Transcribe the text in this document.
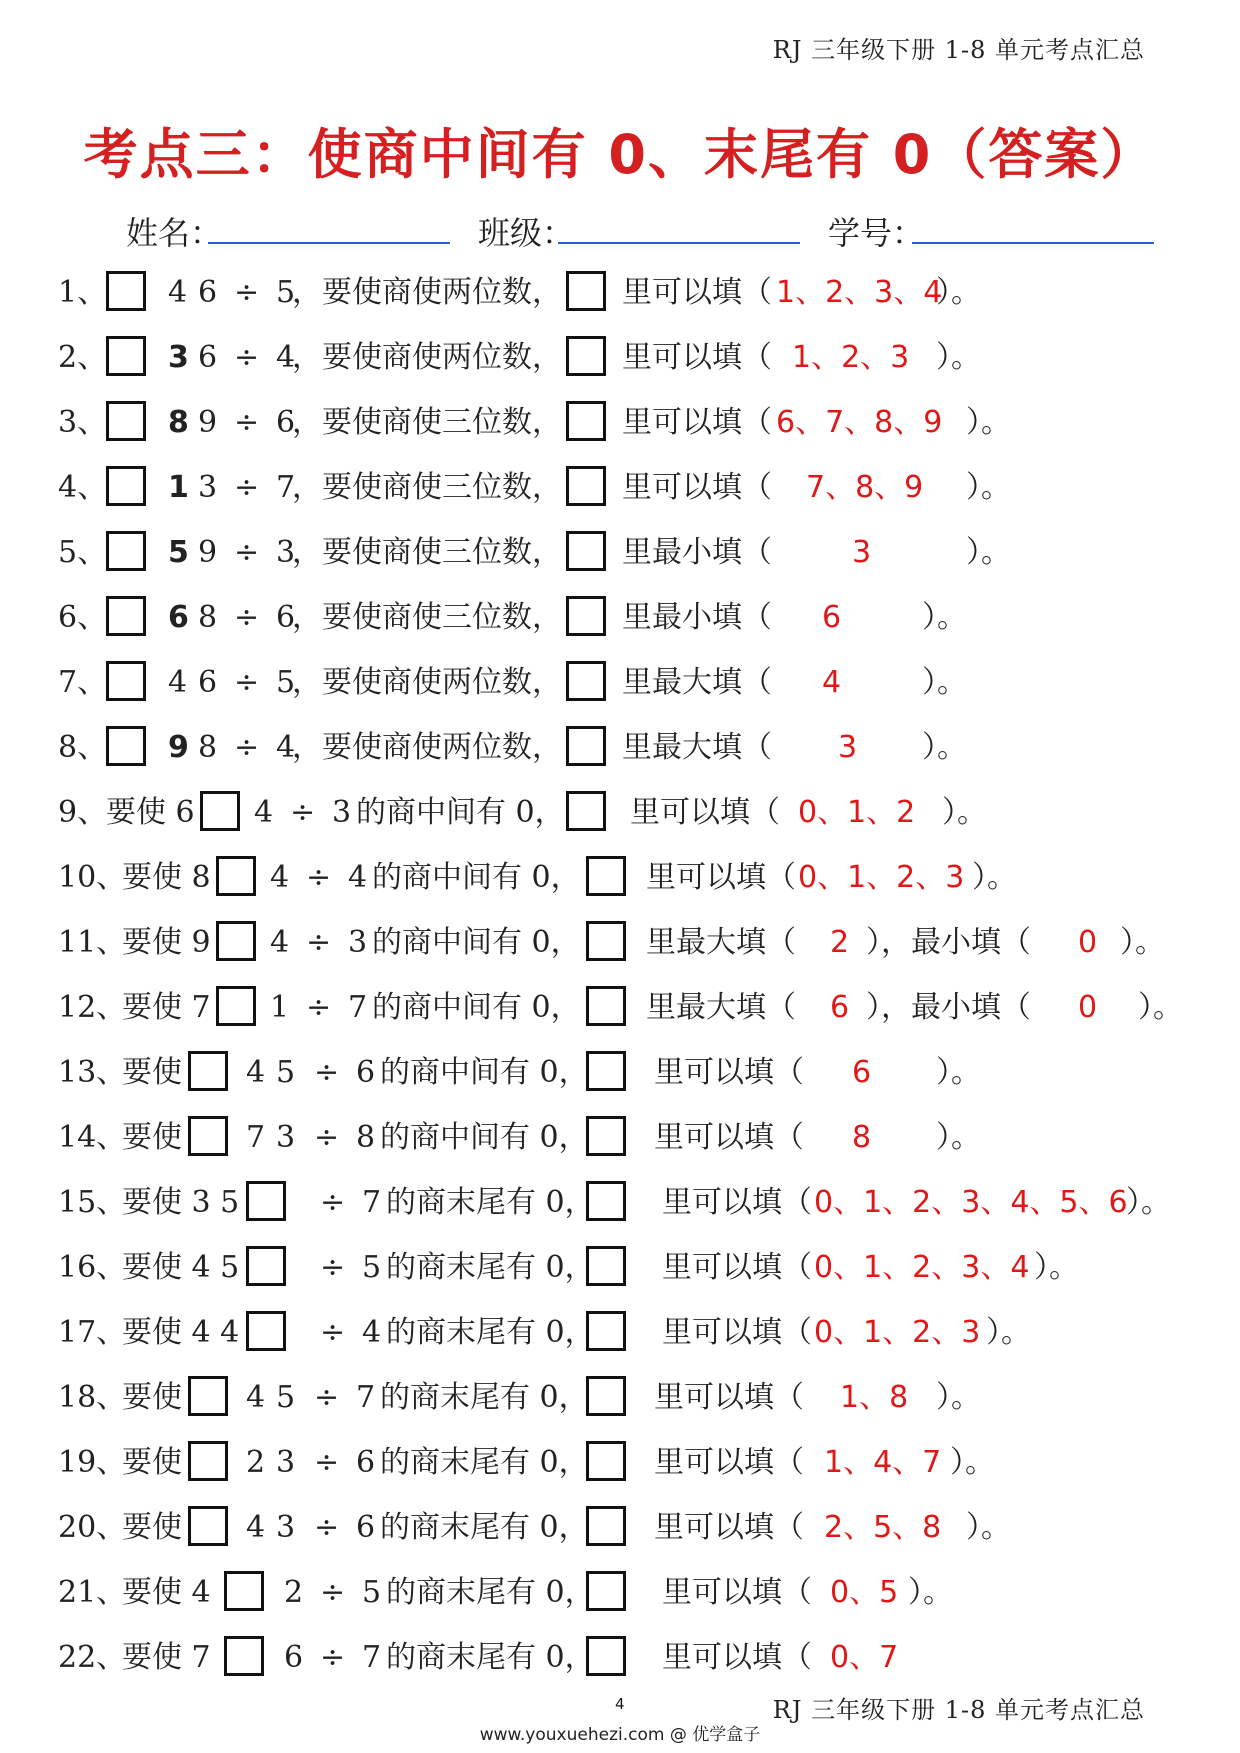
RJ 三年级下册 1-8 单元考点汇总
考点三：使商中间有 0、末尾有 0（答案）
姓名：	班级：	学号：
1、 4 6 ÷ 5
，要使商使两位数， 里可以填（ 1、2、3、4
）。
2、 3 6 ÷ 4
，要使商使两位数， 里可以填（ 1、2、3 ）。
3、 8 9 ÷ 6
，要使商使三位数， 里可以填（ 6、7、8、9 ）。
4、 1 3 ÷ 7
，要使商使三位数， 里可以填（ 7、8、9 ）。
5、 5 9 ÷ 3
，要使商使三位数， 里最小填（	3	）。
6、 6 8 ÷ 6
，要使商使三位数， 里最小填（ 6	）。
7、 4 6 ÷ 5
，要使商使两位数， 里最大填（ 4	）。
8、 9 8 ÷ 4
，要使商使两位数， 里最大填（ 3 ）。
9、
要使 6 4 ÷ 3 的商中间有 0， 里可以填（ 0、1、2 ）。
10、
要使 8 4 ÷ 4 的商中间有 0， 里可以填（ 0、1、2、3 ）。
11、
要使 9 4 ÷ 3 的商中间有 0， 里最大填（ 2 ），最小填（ 0 ）。
12、
要使 7 1 ÷ 7 的商中间有 0， 里最大填（ 6 ），最小填（ 0 ）。
13、
要使 4 5 ÷ 6 的商中间有 0， 里可以填（ 6 ）。
14、
要使 7 3 ÷ 8 的商中间有 0， 里可以填（ 8 ）。
15、
要使 3 5	÷ 7 的商末尾有 0， 里可以填（ 0、1、2、3、4、5、6
）。
16、
要使 4 5	÷ 5 的商末尾有 0， 里可以填（ 0、1、2、3、4 ）。
17、
要使 4 4	÷ 4 的商末尾有 0， 里可以填（ 0、1、2、3 ）。
18、
要使 4 5 ÷ 7 的商末尾有 0， 里可以填（ 1、8 ）。
19、
要使 2 3 ÷ 6 的商末尾有 0， 里可以填（ 1、4、7 ）。
20、
要使 4 3 ÷ 6 的商末尾有 0， 里可以填（ 2、5、8 ）。
21、
要使 4 2 ÷ 5 的商末尾有 0， 里可以填（ 0、5 ）。
22、
要使 7 6 ÷ 7 的商末尾有 0， 里可以填（ 0、7
RJ 三年级下册 1-8 单元考点汇总
4
www.youxuehezi.com @ 优学盒子
